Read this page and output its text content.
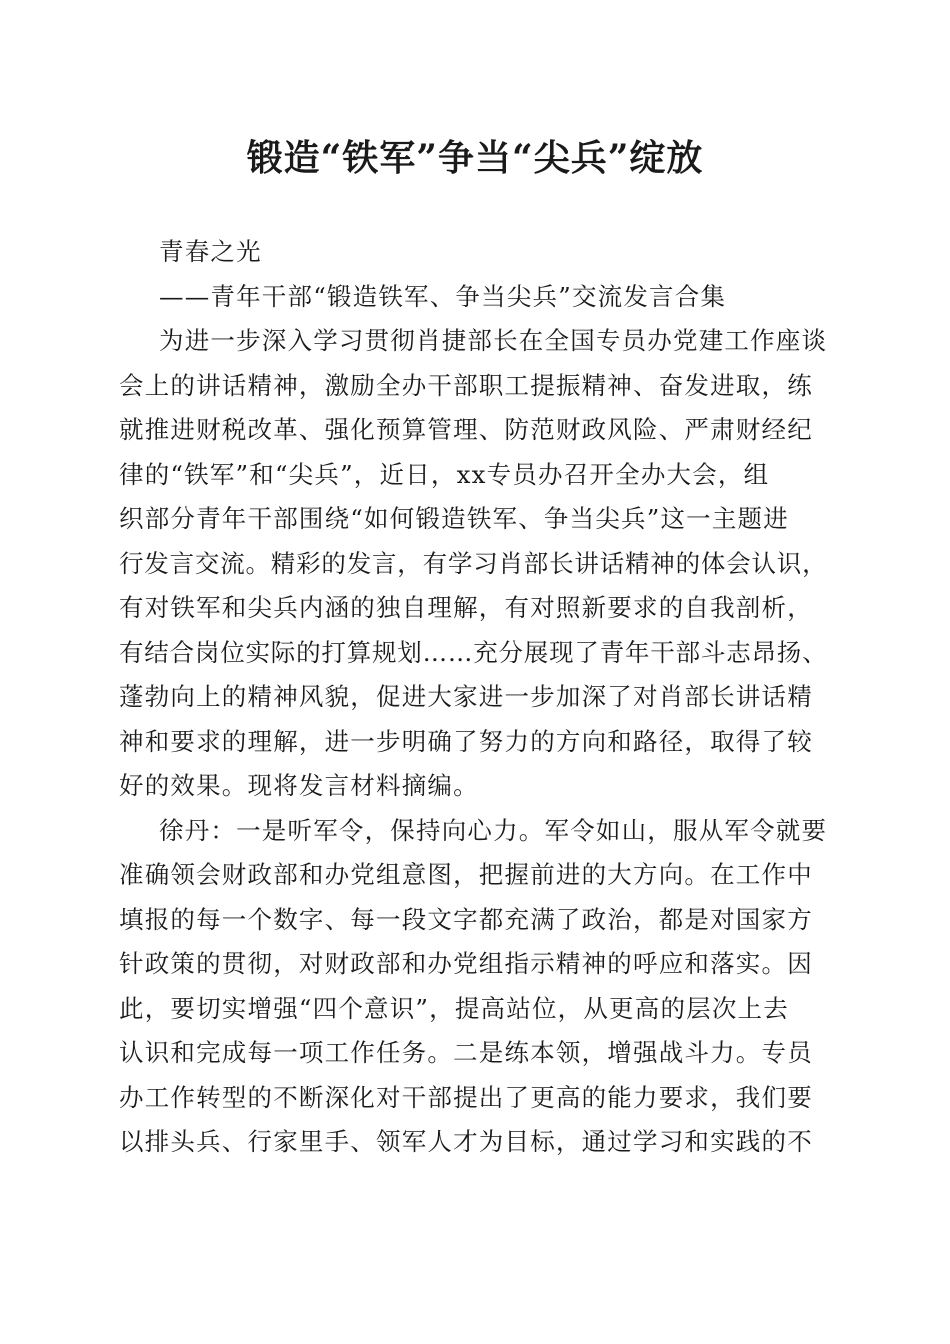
锻造“铁军”争当“尖兵”绽放
青春之光
——青年干部“锻造铁军、争当尖兵”交流发言合集
为进一步深入学习贯彻肖捷部长在全国专员办党建工作座谈
会上的讲话精神，激励全办干部职工提振精神、奋发进取，练
就推进财税改革、强化预算管理、防范财政风险、严肃财经纪
律的“铁军”和“尖兵”，近日，xx专员办召开全办大会，组
织部分青年干部围绕“如何锻造铁军、争当尖兵”这一主题进
行发言交流。精彩的发言，有学习肖部长讲话精神的体会认识，
有对铁军和尖兵内涵的独自理解，有对照新要求的自我剖析，
有结合岗位实际的打算规划……充分展现了青年干部斗志昂扬、
蓬勃向上的精神风貌，促进大家进一步加深了对肖部长讲话精
神和要求的理解，进一步明确了努力的方向和路径，取得了较
好的效果。现将发言材料摘编。
徐丹：一是听军令，保持向心力。军令如山，服从军令就要
准确领会财政部和办党组意图，把握前进的大方向。在工作中
填报的每一个数字、每一段文字都充满了政治，都是对国家方
针政策的贯彻，对财政部和办党组指示精神的呼应和落实。因
此，要切实增强“四个意识”，提高站位，从更高的层次上去
认识和完成每一项工作任务。二是练本领，增强战斗力。专员
办工作转型的不断深化对干部提出了更高的能力要求，我们要
以排头兵、行家里手、领军人才为目标，通过学习和实践的不
